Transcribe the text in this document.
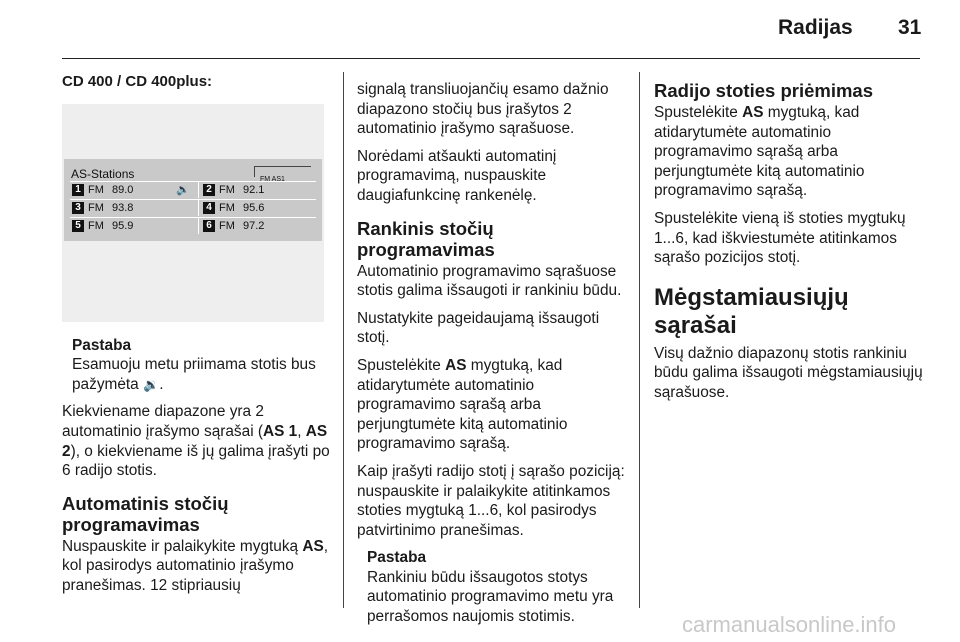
Radijas 31
CD 400 / CD 400plus:
AS-Stations	FM AS1
1 FM 89.0	🔉	2 FM 92.1
3 FM 93.8	4 FM 95.6
5 FM 95.9	6 FM 97.2
Pastaba
Esamuoju metu priimama stotis bus pažymėta 🔉.

Kiekviename diapazone yra 2 automatinio įrašymo sąrašai (AS 1, AS 2), o kiekviename iš jų galima įrašyti po 6 radijo stotis.

Automatinis stočių programavimas

Nuspauskite ir palaikykite mygtuką AS, kol pasirodys automatinio įrašymo pranešimas. 12 stipriausių

signalą transliuojančių esamo dažnio diapazono stočių bus įrašytos 2 automatinio įrašymo sąrašuose.

Norėdami atšaukti automatinį programavimą, nuspauskite daugiafunkcinę rankenėlę.

Rankinis stočių programavimas

Automatinio programavimo sąrašuose stotis galima išsaugoti ir rankiniu būdu.

Nustatykite pageidaujamą išsaugoti stotį.

Spustelėkite AS mygtuką, kad atidarytumėte automatinio programavimo sąrašą arba perjungtumėte kitą automatinio programavimo sąrašą.

Kaip įrašyti radijo stotį į sąrašo poziciją: nuspauskite ir palaikykite atitinkamos stoties mygtuką 1...6, kol pasirodys patvirtinimo pranešimas.

Pastaba
Rankiniu būdu išsaugotos stotys automatinio programavimo metu yra perrašomos naujomis stotimis.
Radijo stoties priėmimas

Spustelėkite AS mygtuką, kad atidarytumėte automatinio programavimo sąrašą arba perjungtumėte kitą automatinio programavimo sąrašą.

Spustelėkite vieną iš stoties mygtukų 1...6, kad iškviestumėte atitinkamos sąrašo pozicijos stotį.

Mėgstamiausiųjų sąrašai

Visų dažnio diapazonų stotis rankiniu būdu galima išsaugoti mėgstamiausiųjų sąrašuose.

carmanualsonline.info
